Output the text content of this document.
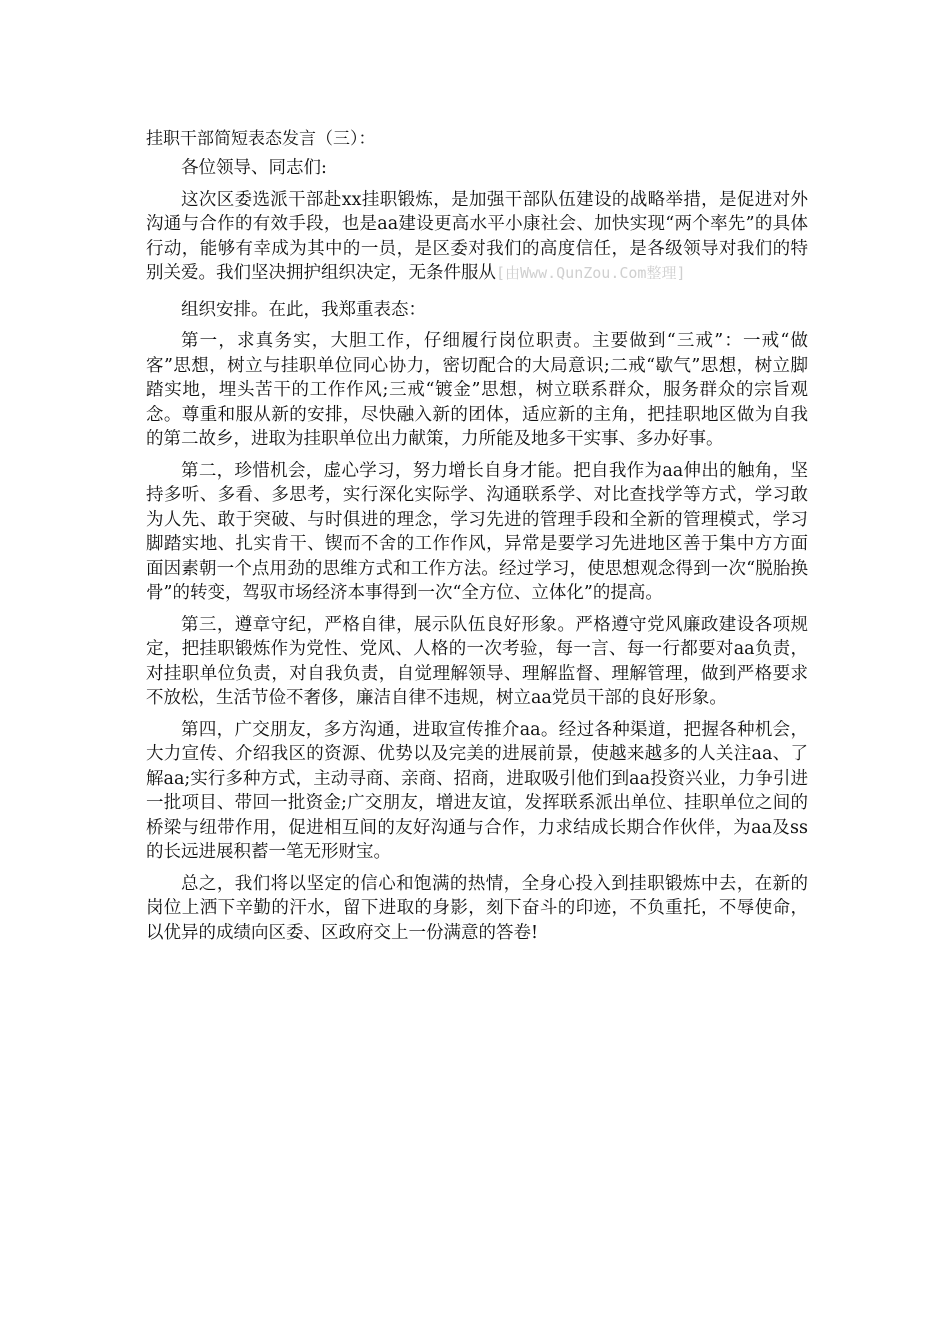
挂职干部简短表态发言（三）：

各位领导、同志们:

这次区委选派干部赴xx挂职锻炼，是加强干部队伍建设的战略举措，是促进对外沟通与合作的有效手段，也是aa建设更高水平小康社会、加快实现“两个率先”的具体行动，能够有幸成为其中的一员，是区委对我们的高度信任，是各级领导对我们的特别关爱。我们坚决拥护组织决定，无条件服从[由Www.QunZou.Com整理]

组织安排。在此，我郑重表态：

第一，求真务实，大胆工作，仔细履行岗位职责。主要做到“三戒”：一戒“做客”思想，树立与挂职单位同心协力，密切配合的大局意识;二戒“歇气”思想，树立脚踏实地，埋头苦干的工作作风;三戒“镀金”思想，树立联系群众，服务群众的宗旨观念。尊重和服从新的安排，尽快融入新的团体，适应新的主角，把挂职地区做为自我的第二故乡，进取为挂职单位出力献策，力所能及地多干实事、多办好事。

第二，珍惜机会，虚心学习，努力增长自身才能。把自我作为aa伸出的触角，坚持多听、多看、多思考，实行深化实际学、沟通联系学、对比查找学等方式，学习敢为人先、敢于突破、与时俱进的理念，学习先进的管理手段和全新的管理模式，学习脚踏实地、扎实肯干、锲而不舍的工作作风，异常是要学习先进地区善于集中方方面面因素朝一个点用劲的思维方式和工作方法。经过学习，使思想观念得到一次“脱胎换骨”的转变，驾驭市场经济本事得到一次“全方位、立体化”的提高。

第三，遵章守纪，严格自律，展示队伍良好形象。严格遵守党风廉政建设各项规定，把挂职锻炼作为党性、党风、人格的一次考验，每一言、每一行都要对aa负责，对挂职单位负责，对自我负责，自觉理解领导、理解监督、理解管理，做到严格要求不放松，生活节俭不奢侈，廉洁自律不违规，树立aa党员干部的良好形象。

第四，广交朋友，多方沟通，进取宣传推介aa。经过各种渠道，把握各种机会，大力宣传、介绍我区的资源、优势以及完美的进展前景，使越来越多的人关注aa、了解aa;实行多种方式，主动寻商、亲商、招商，进取吸引他们到aa投资兴业，力争引进一批项目、带回一批资金;广交朋友，增进友谊，发挥联系派出单位、挂职单位之间的桥梁与纽带作用，促进相互间的友好沟通与合作，力求结成长期合作伙伴，为aa及ss的长远进展积蓄一笔无形财宝。

总之，我们将以坚定的信心和饱满的热情，全身心投入到挂职锻炼中去，在新的岗位上洒下辛勤的汗水，留下进取的身影，刻下奋斗的印迹，不负重托，不辱使命，以优异的成绩向区委、区政府交上一份满意的答卷!
